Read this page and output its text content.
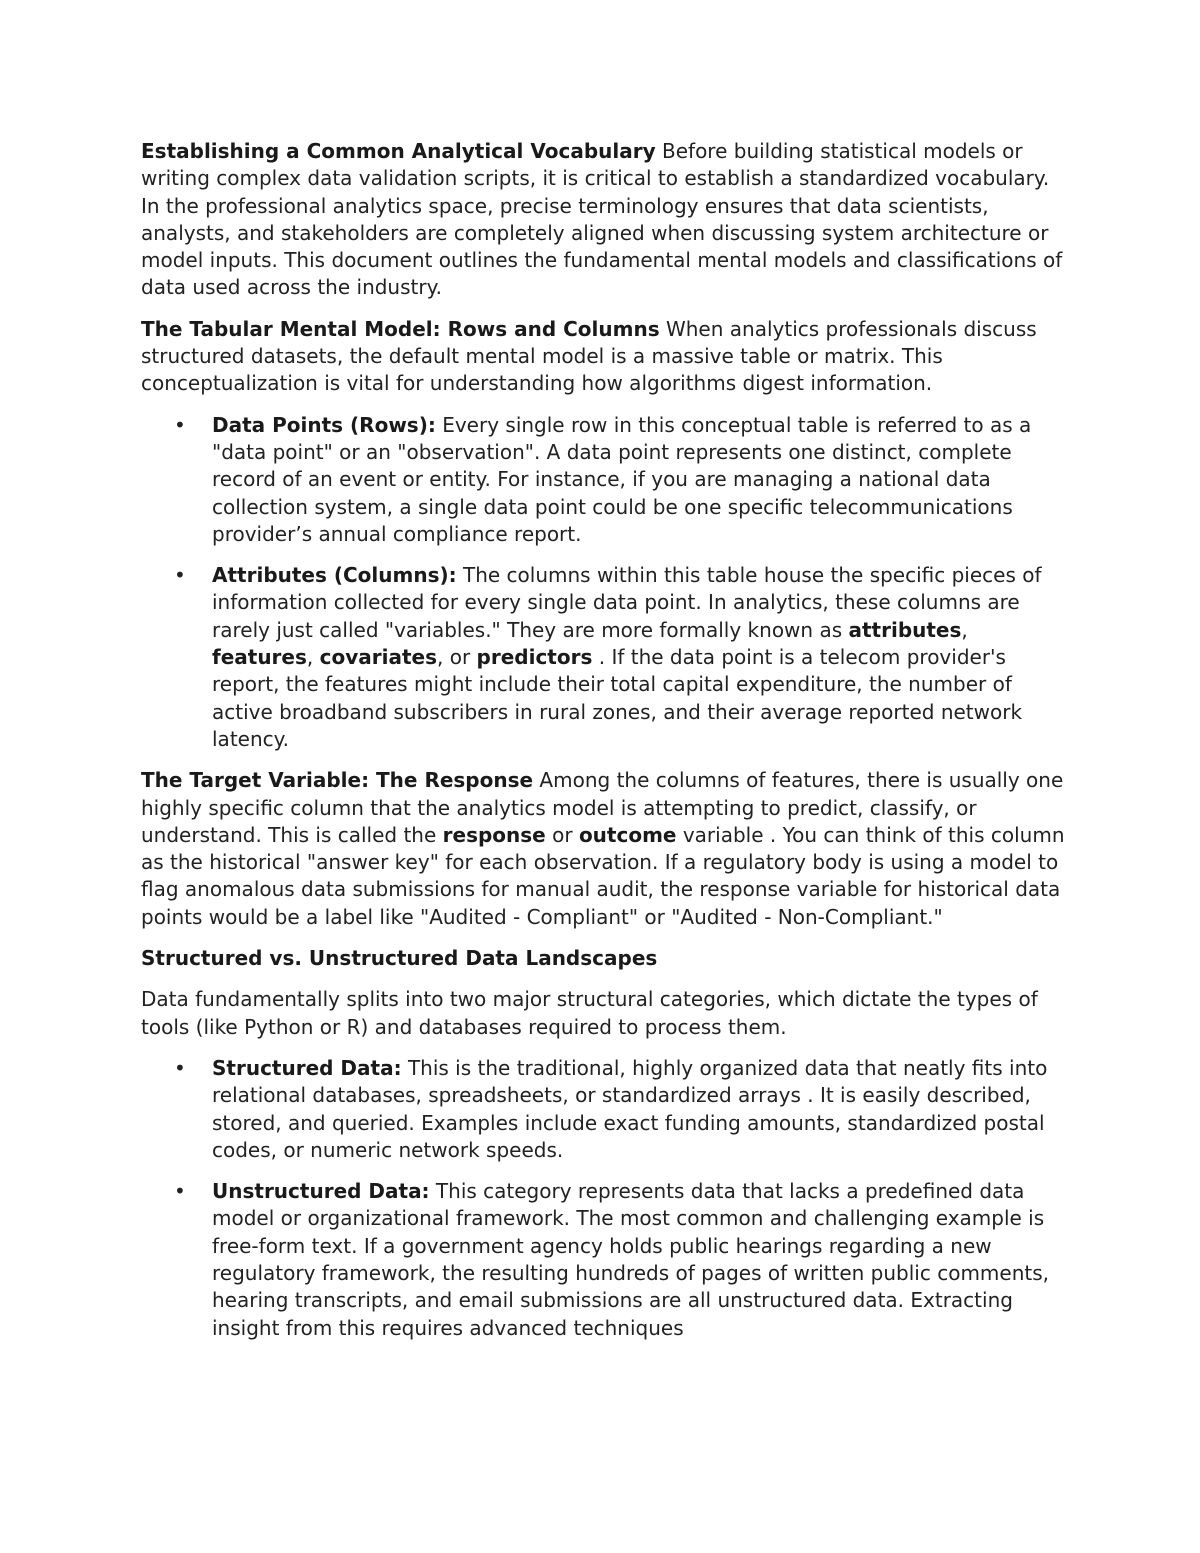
Establishing a Common Analytical Vocabulary Before building statistical models or writing complex data validation scripts, it is critical to establish a standardized vocabulary. In the professional analytics space, precise terminology ensures that data scientists, analysts, and stakeholders are completely aligned when discussing system architecture or model inputs. This document outlines the fundamental mental models and classifications of data used across the industry.

The Tabular Mental Model: Rows and Columns When analytics professionals discuss structured datasets, the default mental model is a massive table or matrix. This conceptualization is vital for understanding how algorithms digest information.

• Data Points (Rows): Every single row in this conceptual table is referred to as a "data point" or an "observation". A data point represents one distinct, complete record of an event or entity. For instance, if you are managing a national data collection system, a single data point could be one specific telecommunications provider’s annual compliance report.
• Attributes (Columns): The columns within this table house the specific pieces of information collected for every single data point. In analytics, these columns are rarely just called "variables." They are more formally known as attributes, features, covariates, or predictors . If the data point is a telecom provider's report, the features might include their total capital expenditure, the number of active broadband subscribers in rural zones, and their average reported network latency.

The Target Variable: The Response Among the columns of features, there is usually one highly specific column that the analytics model is attempting to predict, classify, or understand. This is called the response or outcome variable . You can think of this column as the historical "answer key" for each observation. If a regulatory body is using a model to flag anomalous data submissions for manual audit, the response variable for historical data points would be a label like "Audited - Compliant" or "Audited - Non-Compliant."

Structured vs. Unstructured Data Landscapes

Data fundamentally splits into two major structural categories, which dictate the types of tools (like Python or R) and databases required to process them.

• Structured Data: This is the traditional, highly organized data that neatly fits into relational databases, spreadsheets, or standardized arrays . It is easily described, stored, and queried. Examples include exact funding amounts, standardized postal codes, or numeric network speeds.
• Unstructured Data: This category represents data that lacks a predefined data model or organizational framework. The most common and challenging example is free-form text. If a government agency holds public hearings regarding a new regulatory framework, the resulting hundreds of pages of written public comments, hearing transcripts, and email submissions are all unstructured data. Extracting insight from this requires advanced techniques
